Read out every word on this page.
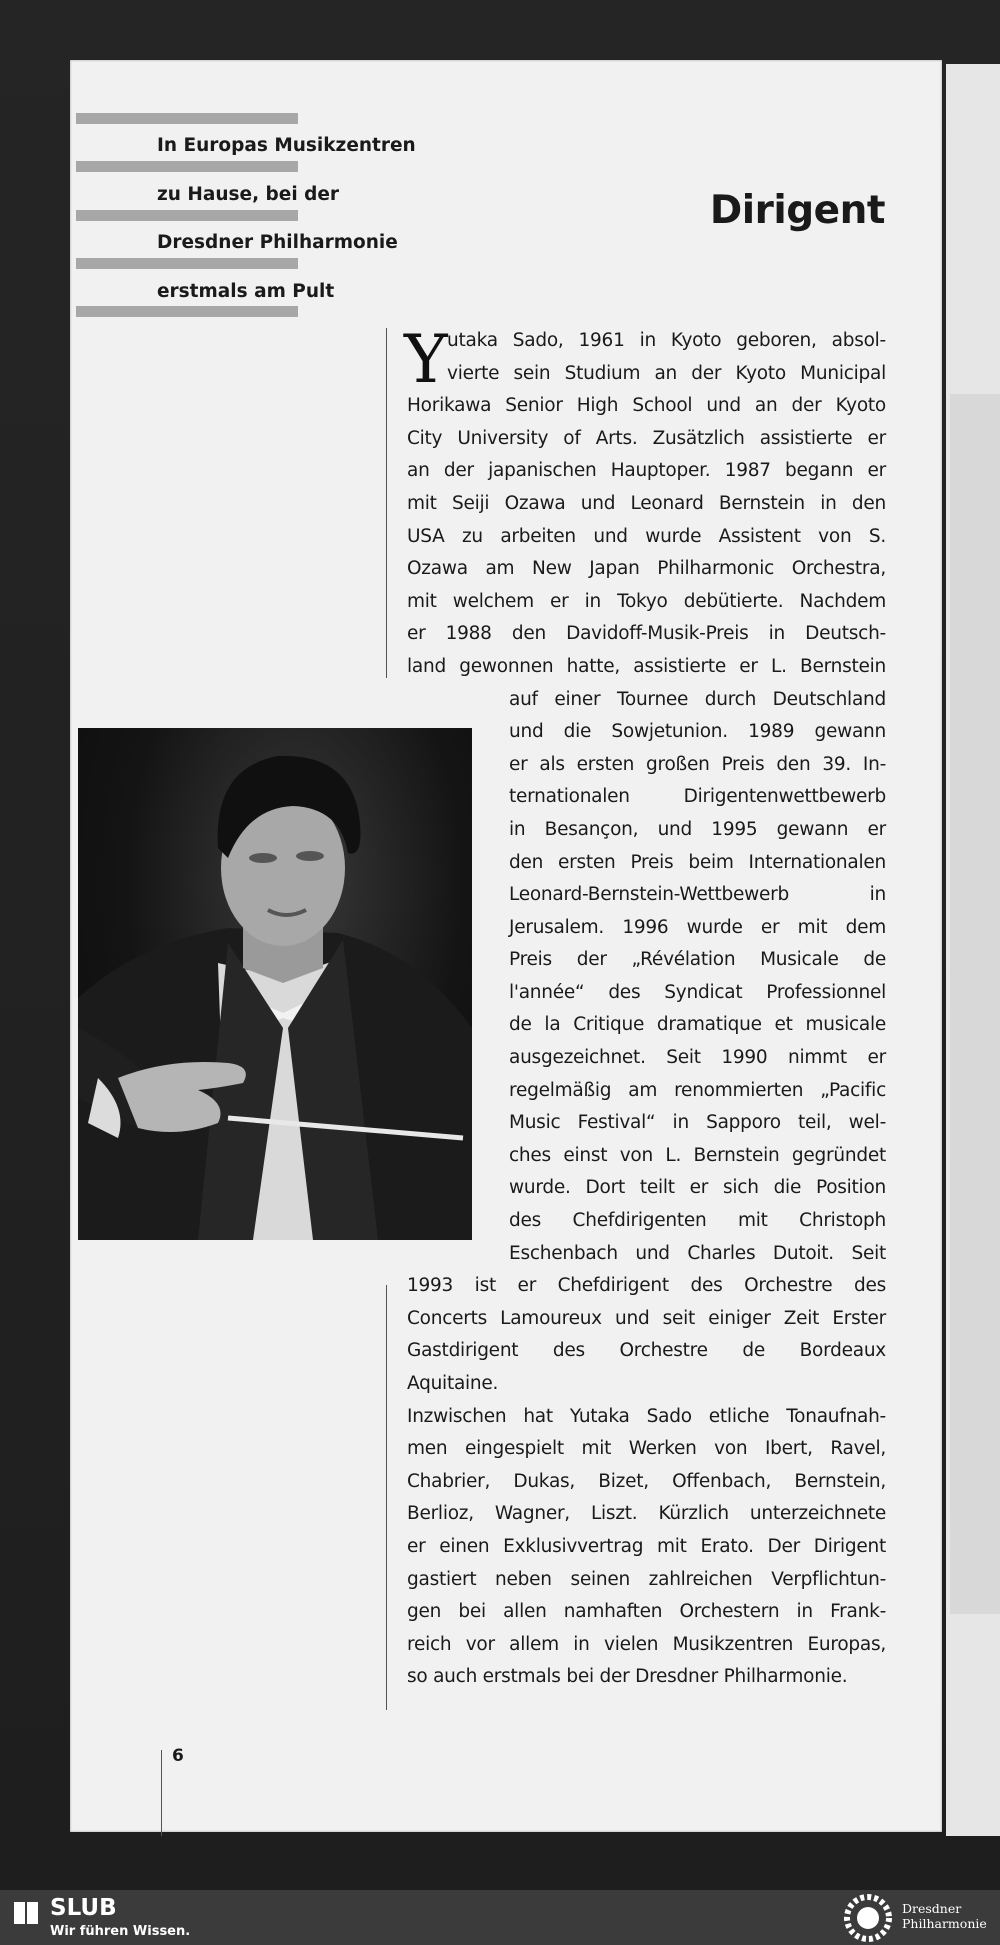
In Europas Musikzentren
zu Hause, bei der
Dresdner Philharmonie
erstmals am Pult
Dirigent
Y utaka Sado, 1961 in Kyoto geboren, absol-
vierte sein Studium an der Kyoto Municipal
Horikawa Senior High School und an der Kyoto
City University of Arts. Zusätzlich assistierte er
an der japanischen Hauptoper. 1987 begann er
mit Seiji Ozawa und Leonard Bernstein in den
USA zu arbeiten und wurde Assistent von S.
Ozawa am New Japan Philharmonic Orchestra,
mit welchem er in Tokyo debütierte. Nachdem
er 1988 den Davidoff-Musik-Preis in Deutsch-
land gewonnen hatte, assistierte er L. Bernstein
auf einer Tournee durch Deutschland
und die Sowjetunion. 1989 gewann
er als ersten großen Preis den 39. In-
ternationalen Dirigentenwettbewerb
in Besançon, und 1995 gewann er
den ersten Preis beim Internationalen
Leonard-Bernstein-Wettbewerb in
Jerusalem. 1996 wurde er mit dem
Preis der „Révélation Musicale de
l'année“ des Syndicat Professionnel
de la Critique dramatique et musicale
ausgezeichnet. Seit 1990 nimmt er
regelmäßig am renommierten „Pacific
Music Festival“ in Sapporo teil, wel-
ches einst von L. Bernstein gegründet
wurde. Dort teilt er sich die Position
des Chefdirigenten mit Christoph
Eschenbach und Charles Dutoit. Seit
1993 ist er Chefdirigent des Orchestre des
Concerts Lamoureux und seit einiger Zeit Erster
Gastdirigent des Orchestre de Bordeaux
Aquitaine.
Inzwischen hat Yutaka Sado etliche Tonaufnah-
men eingespielt mit Werken von Ibert, Ravel,
Chabrier, Dukas, Bizet, Offenbach, Bernstein,
Berlioz, Wagner, Liszt. Kürzlich unterzeichnete
er einen Exklusivvertrag mit Erato. Der Dirigent
gastiert neben seinen zahlreichen Verpflichtun-
gen bei allen namhaften Orchestern in Frank-
reich vor allem in vielen Musikzentren Europas,
so auch erstmals bei der Dresdner Philharmonie.
6
SLUB
Wir führen Wissen.
Dresdner
Philharmonie
